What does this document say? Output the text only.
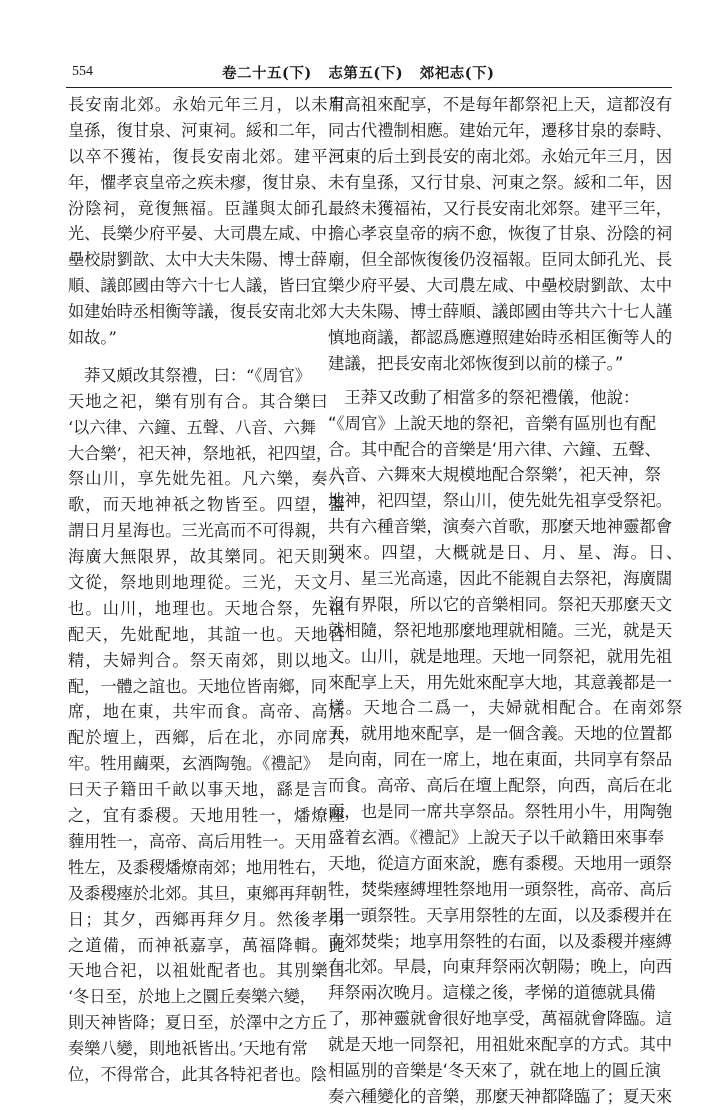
554	卷二十五(下)   志第五(下)   郊祀志(下)
長安南北郊。永始元年三月，以未有
皇孫，復甘泉、河東祠。綏和二年，
以卒不獲祐，復長安南北郊。建平三
年，懼孝哀皇帝之疾未瘳，復甘泉、
汾陰祠，竟復無福。臣謹與太師孔
光、長樂少府平晏、大司農左咸、中
壘校尉劉歆、太中大夫朱陽、博士薛
順、議郎國由等六十七人議，皆曰宜
如建始時丞相衡等議，復長安南北郊
如故。”
　莽又頗改其祭禮，曰：“《周官》
天地之祀，樂有別有合。其合樂曰
‘以六律、六鐘、五聲、八音、六舞
大合樂’，祀天神，祭地祇，祀四望，
祭山川，享先妣先祖。凡六樂，奏六
歌，而天地神祇之物皆至。四望，蓋
謂日月星海也。三光高而不可得親，
海廣大無限界，故其樂同。祀天則天
文從，祭地則地理從。三光，天文
也。山川，地理也。天地合祭，先祖
配天，先妣配地，其誼一也。天地合
精，夫婦判合。祭天南郊，則以地
配，一體之誼也。天地位皆南鄉，同
席，地在東，共牢而食。高帝、高后
配於壇上，西鄉，后在北，亦同席共
牢。牲用繭栗，玄酒陶匏。《禮記》
曰天子籍田千畝以事天地，繇是言
之，宜有黍稷。天地用牲一，燔燎瘞
薶用牲一，高帝、高后用牲一。天用
牲左，及黍稷燔燎南郊；地用牲右，
及黍稷瘞於北郊。其旦，東鄉再拜朝
日；其夕，西鄉再拜夕月。然後孝弟
之道備，而神祇嘉享，萬福降輯。此
天地合祀，以祖妣配者也。其別樂曰
‘冬日至，於地上之圜丘奏樂六變，
則天神皆降；夏日至，於澤中之方丘
奏樂八變，則地祇皆出。’天地有常
位，不得常合，此其各特祀者也。陰
用高祖來配享，不是每年都祭祀上天，這都沒有
同古代禮制相應。建始元年，遷移甘泉的泰畤、
河東的后土到長安的南北郊。永始元年三月，因
未有皇孫，又行甘泉、河東之祭。綏和二年，因
最終未獲福祐，又行長安南北郊祭。建平三年，
擔心孝哀皇帝的病不愈，恢復了甘泉、汾陰的祠
廟，但全部恢復後仍沒福報。臣同太師孔光、長
樂少府平晏、大司農左咸、中壘校尉劉歆、太中
大夫朱陽、博士薛順、議郎國由等共六十七人謹
慎地商議，都認爲應遵照建始時丞相匡衡等人的
建議，把長安南北郊恢復到以前的樣子。”
　王莽又改動了相當多的祭祀禮儀，他說：
“《周官》上說天地的祭祀，音樂有區別也有配
合。其中配合的音樂是‘用六律、六鐘、五聲、
八音、六舞來大規模地配合祭樂’，祀天神，祭
地神，祀四望，祭山川，使先妣先祖享受祭祀。
共有六種音樂，演奏六首歌，那麼天地神靈都會
到來。四望，大概就是日、月、星、海。日、
月、星三光高遠，因此不能親自去祭祀，海廣闊
沒有界限，所以它的音樂相同。祭祀天那麼天文
就相隨，祭祀地那麼地理就相隨。三光，就是天
文。山川，就是地理。天地一同祭祀，就用先祖
來配享上天，用先妣來配享大地，其意義都是一
樣。天地合二爲一，夫婦就相配合。在南郊祭
天，就用地來配享，是一個含義。天地的位置都
是向南，同在一席上，地在東面，共同享有祭品
而食。高帝、高后在壇上配祭，向西，高后在北
面，也是同一席共享祭品。祭牲用小牛，用陶匏
盛着玄酒。《禮記》上說天子以千畝籍田來事奉
天地，從這方面來說，應有黍稷。天地用一頭祭
牲，焚柴瘞縛埋牲祭地用一頭祭牲，高帝、高后
用一頭祭牲。天享用祭牲的左面，以及黍稷并在
南郊焚柴；地享用祭牲的右面，以及黍稷并瘞縛
在北郊。早晨，向東拜祭兩次朝陽；晚上，向西
拜祭兩次晚月。這樣之後，孝悌的道德就具備
了，那神靈就會很好地享受，萬福就會降臨。這
就是天地一同祭祀，用祖妣來配享的方式。其中
相區別的音樂是‘冬天來了，就在地上的圓丘演
奏六種變化的音樂，那麼天神都降臨了；夏天來
